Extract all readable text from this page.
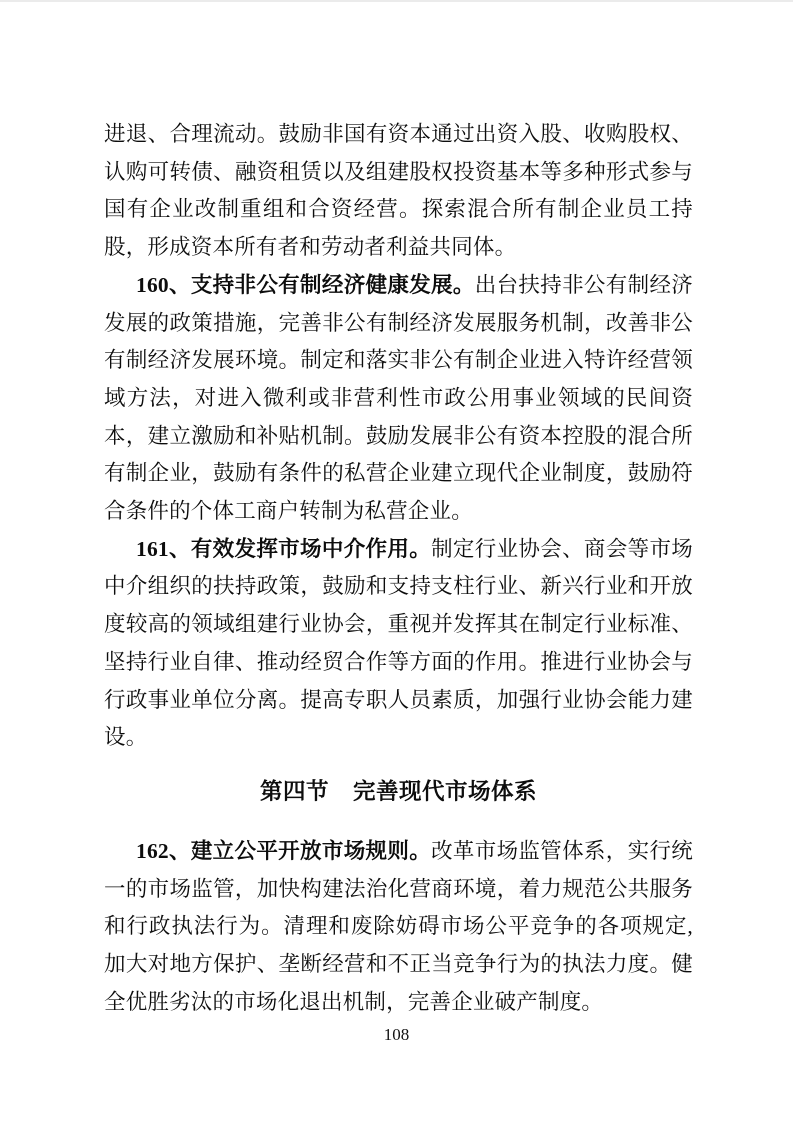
进退、合理流动。鼓励非国有资本通过出资入股、收购股权、认购可转债、融资租赁以及组建股权投资基本等多种形式参与国有企业改制重组和合资经营。探索混合所有制企业员工持股，形成资本所有者和劳动者利益共同体。

160、支持非公有制经济健康发展。出台扶持非公有制经济发展的政策措施，完善非公有制经济发展服务机制，改善非公有制经济发展环境。制定和落实非公有制企业进入特许经营领域方法，对进入微利或非营利性市政公用事业领域的民间资本，建立激励和补贴机制。鼓励发展非公有资本控股的混合所有制企业，鼓励有条件的私营企业建立现代企业制度，鼓励符合条件的个体工商户转制为私营企业。

161、有效发挥市场中介作用。制定行业协会、商会等市场中介组织的扶持政策，鼓励和支持支柱行业、新兴行业和开放度较高的领域组建行业协会，重视并发挥其在制定行业标准、坚持行业自律、推动经贸合作等方面的作用。推进行业协会与行政事业单位分离。提高专职人员素质，加强行业协会能力建设。

第四节 完善现代市场体系

162、建立公平开放市场规则。改革市场监管体系，实行统一的市场监管，加快构建法治化营商环境，着力规范公共服务和行政执法行为。清理和废除妨碍市场公平竞争的各项规定,加大对地方保护、垄断经营和不正当竞争行为的执法力度。健全优胜劣汰的市场化退出机制，完善企业破产制度。

108
